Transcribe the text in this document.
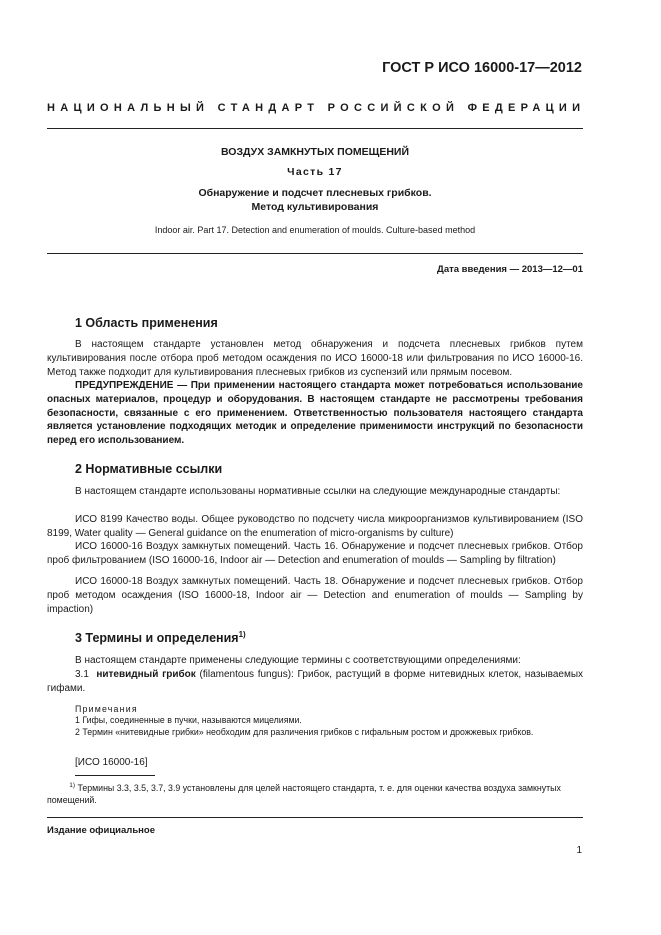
ГОСТ Р ИСО 16000-17—2012
НАЦИОНАЛЬНЫЙ СТАНДАРТ РОССИЙСКОЙ ФЕДЕРАЦИИ
ВОЗДУХ ЗАМКНУТЫХ ПОМЕЩЕНИЙ
Часть 17
Обнаружение и подсчет плесневых грибков.
Метод культивирования
Indoor air. Part 17. Detection and enumeration of moulds. Culture-based method
Дата введения — 2013—12—01
1 Область применения
В настоящем стандарте установлен метод обнаружения и подсчета плесневых грибков путем культивирования после отбора проб методом осаждения по ИСО 16000-18 или фильтрования по ИСО 16000-16. Метод также подходит для культивирования плесневых грибков из суспензий или прямым посевом.
ПРЕДУПРЕЖДЕНИЕ — При применении настоящего стандарта может потребоваться использование опасных материалов, процедур и оборудования. В настоящем стандарте не рассмотрены требования безопасности, связанные с его применением. Ответственностью пользователя настоящего стандарта является установление подходящих методик и определение применимости инструкций по безопасности перед его использованием.
2 Нормативные ссылки
В настоящем стандарте использованы нормативные ссылки на следующие международные стандарты:
ИСО 8199 Качество воды. Общее руководство по подсчету числа микроорганизмов культивированием (ISO 8199, Water quality — General guidance on the enumeration of micro-organisms by culture)
ИСО 16000-16 Воздух замкнутых помещений. Часть 16. Обнаружение и подсчет плесневых грибков. Отбор проб фильтрованием (ISO 16000-16, Indoor air — Detection and enumeration of moulds — Sampling by filtration)
ИСО 16000-18 Воздух замкнутых помещений. Часть 18. Обнаружение и подсчет плесневых грибков. Отбор проб методом осаждения (ISO 16000-18, Indoor air — Detection and enumeration of moulds — Sampling by impaction)
3 Термины и определения$^{1)}$
В настоящем стандарте применены следующие термины с соответствующими определениями:
3.1 нитевидный грибок (filamentous fungus): Грибок, растущий в форме нитевидных клеток, называемых гифами.
Примечания
1 Гифы, соединенные в пучки, называются мицелиями.
2 Термин «нитевидные грибки» необходим для различения грибков с гифальным ростом и дрожжевых грибков.
[ИСО 16000-16]
$^{1)}$ Термины 3.3, 3.5, 3.7, 3.9 установлены для целей настоящего стандарта, т. е. для оценки качества воздуха замкнутых помещений.
Издание официальное
1
